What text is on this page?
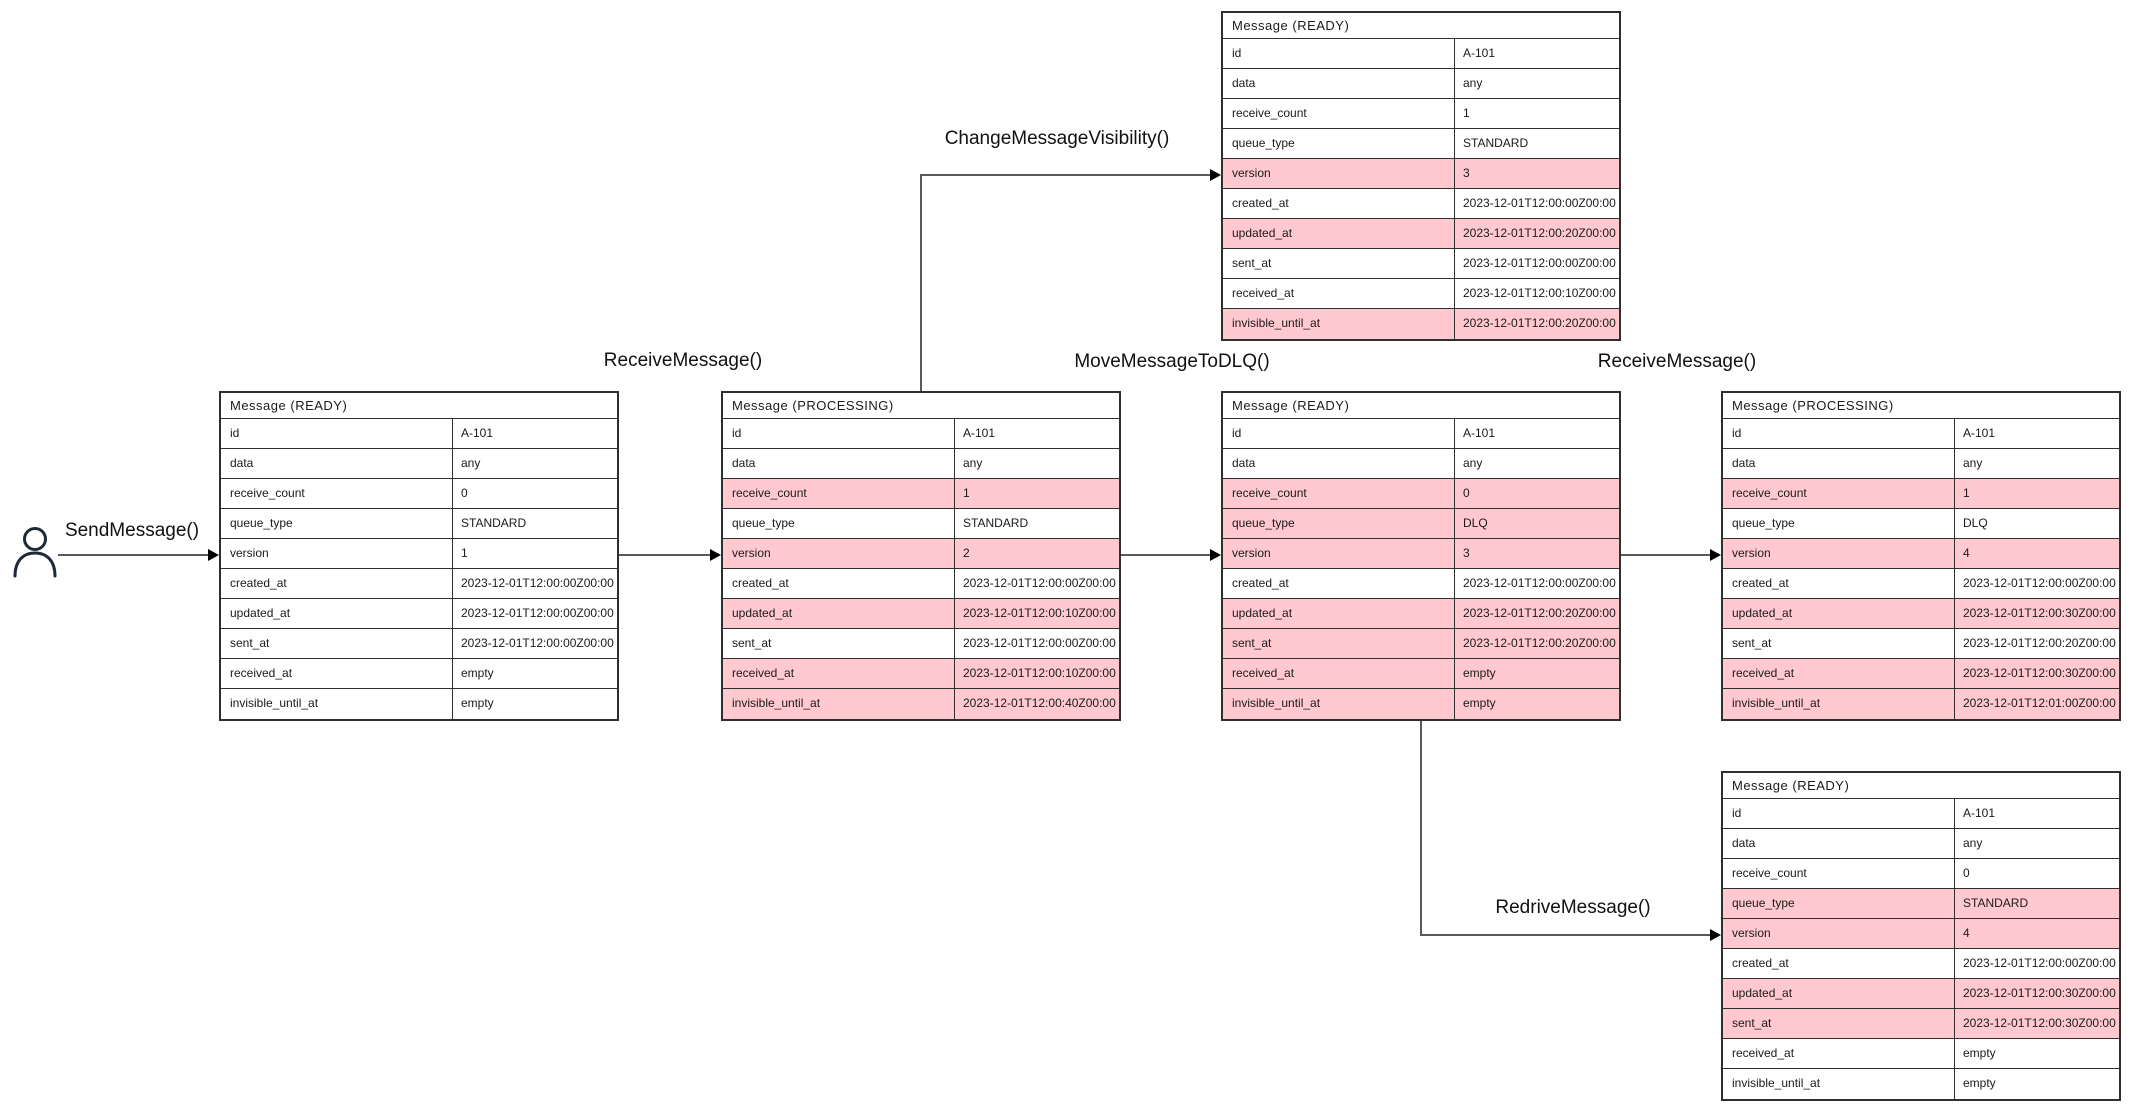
SendMessage()
ReceiveMessage()
ChangeMessageVisibility()
MoveMessageToDLQ()	ReceiveMessage()
RedriveMessage()
Message (READY)
id	A-101
data	any
receive_count	0
queue_type	STANDARD
version	1
created_at	2023-12-01T12:00:00Z00:00
updated_at	2023-12-01T12:00:00Z00:00
sent_at	2023-12-01T12:00:00Z00:00
received_at	empty
invisible_until_at	empty
Message (PROCESSING)
id	A-101
data	any
receive_count	1
queue_type	STANDARD
version	2
created_at	2023-12-01T12:00:00Z00:00
updated_at	2023-12-01T12:00:10Z00:00
sent_at	2023-12-01T12:00:00Z00:00
received_at	2023-12-01T12:00:10Z00:00
invisible_until_at	2023-12-01T12:00:40Z00:00
Message (READY)
id	A-101
data	any
receive_count	0
queue_type	DLQ
version	3
created_at	2023-12-01T12:00:00Z00:00
updated_at	2023-12-01T12:00:20Z00:00
sent_at	2023-12-01T12:00:20Z00:00
received_at	empty
invisible_until_at	empty
Message (PROCESSING)
id	A-101
data	any
receive_count	1
queue_type	DLQ
version	4
created_at	2023-12-01T12:00:00Z00:00
updated_at	2023-12-01T12:00:30Z00:00
sent_at	2023-12-01T12:00:20Z00:00
received_at	2023-12-01T12:00:30Z00:00
invisible_until_at	2023-12-01T12:01:00Z00:00
Message (READY)
id	A-101
data	any
receive_count	1
queue_type	STANDARD
version	3
created_at	2023-12-01T12:00:00Z00:00
updated_at	2023-12-01T12:00:20Z00:00
sent_at	2023-12-01T12:00:00Z00:00
received_at	2023-12-01T12:00:10Z00:00
invisible_until_at	2023-12-01T12:00:20Z00:00
Message (READY)
id	A-101
data	any
receive_count	0
queue_type	STANDARD
version	4
created_at	2023-12-01T12:00:00Z00:00
updated_at	2023-12-01T12:00:30Z00:00
sent_at	2023-12-01T12:00:30Z00:00
received_at	empty
invisible_until_at	empty
